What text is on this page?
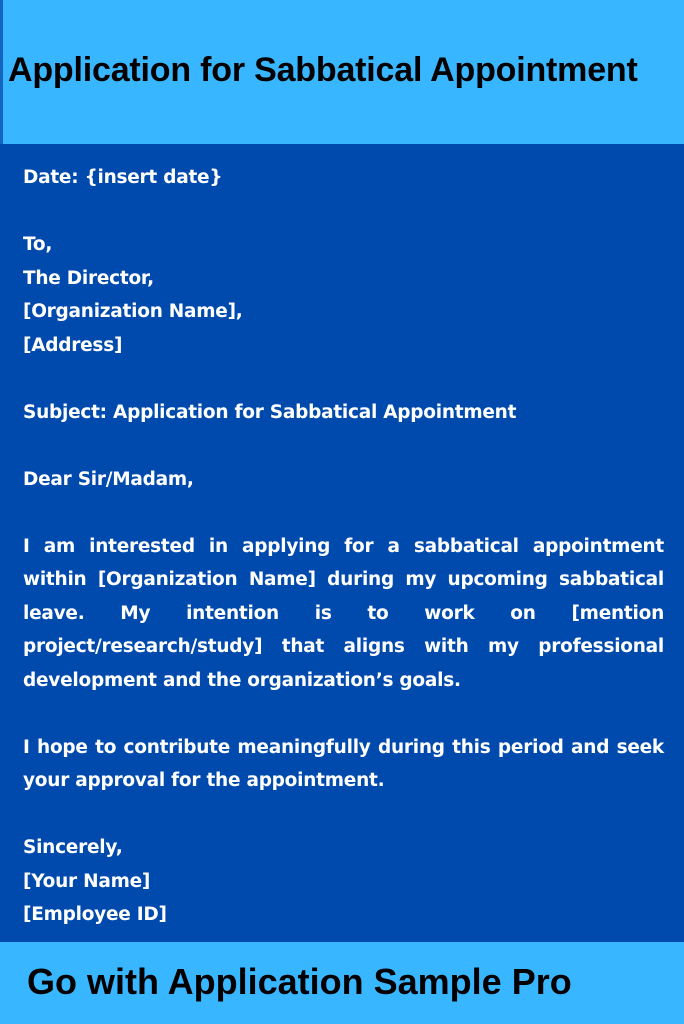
Application for Sabbatical Appointment
Date: {insert date}
To,
The Director,
[Organization Name],
[Address]
Subject: Application for Sabbatical Appointment
Dear Sir/Madam,
I am interested in applying for a sabbatical appointment within [Organization Name] during my upcoming sabbatical leave. My intention is to work on [mention project/research/study] that aligns with my professional development and the organization’s goals.
I hope to contribute meaningfully during this period and seek your approval for the appointment.
Sincerely,
[Your Name]
[Employee ID]

Go with Application Sample Pro
